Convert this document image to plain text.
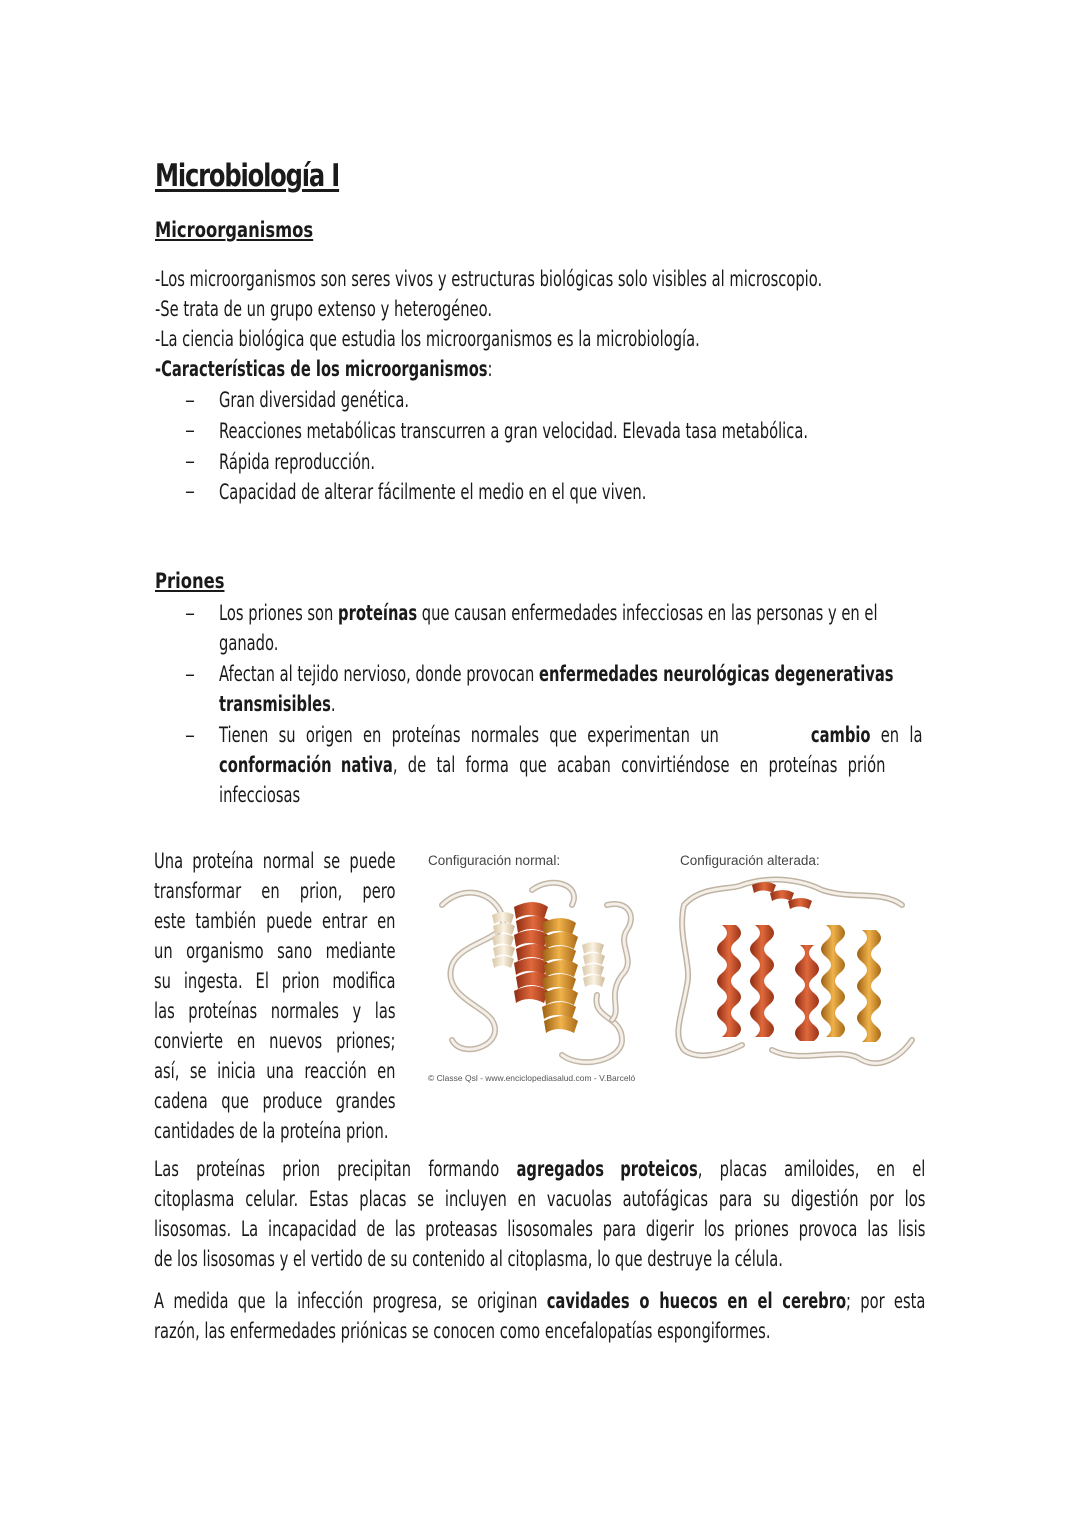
Microbiología I
Microorganismos

-Los microorganismos son seres vivos y estructuras biológicas solo visibles al microscopio.

-Se trata de un grupo extenso y heterogéneo.

-La ciencia biológica que estudia los microorganismos es la microbiología.

-Características de los microorganismos:

– Gran diversidad genética.

– Reacciones metabólicas transcurren a gran velocidad. Elevada tasa metabólica.

– Rápida reproducción.

– Capacidad de alterar fácilmente el medio en el que viven.

Priones
– Los priones son proteínas que causan enfermedades infecciosas en las personas y en el

ganado.

– Afectan al tejido nervioso, donde provocan enfermedades neurológicas degenerativas

transmisibles.

– Tienen su origen en proteínas normales que experimentan un	cambio en la

conformación nativa, de tal forma que acaban convirtiéndose en proteínas prión

infecciosas

Una proteína normal se puede
transformar en prion, pero
este también puede entrar en
un organismo sano mediante
su ingesta. El prion modifica
las proteínas normales y las
convierte en nuevos priones;
así, se inicia una reacción en
cadena que produce grandes
cantidades de la proteína prion.
Configuración normal:	Configuración alterada:
© Classe Qsl - www.enciclopediasalud.com - V.Barceló
Las proteínas prion precipitan formando agregados proteicos, placas amiloides, en el
citoplasma celular. Estas placas se incluyen en vacuolas autofágicas para su digestión por los
lisosomas. La incapacidad de las proteasas lisosomales para digerir los priones provoca las lisis
de los lisosomas y el vertido de su contenido al citoplasma, lo que destruye la célula.
A medida que la infección progresa, se originan cavidades o huecos en el cerebro; por esta
razón, las enfermedades priónicas se conocen como encefalopatías espongiformes.
